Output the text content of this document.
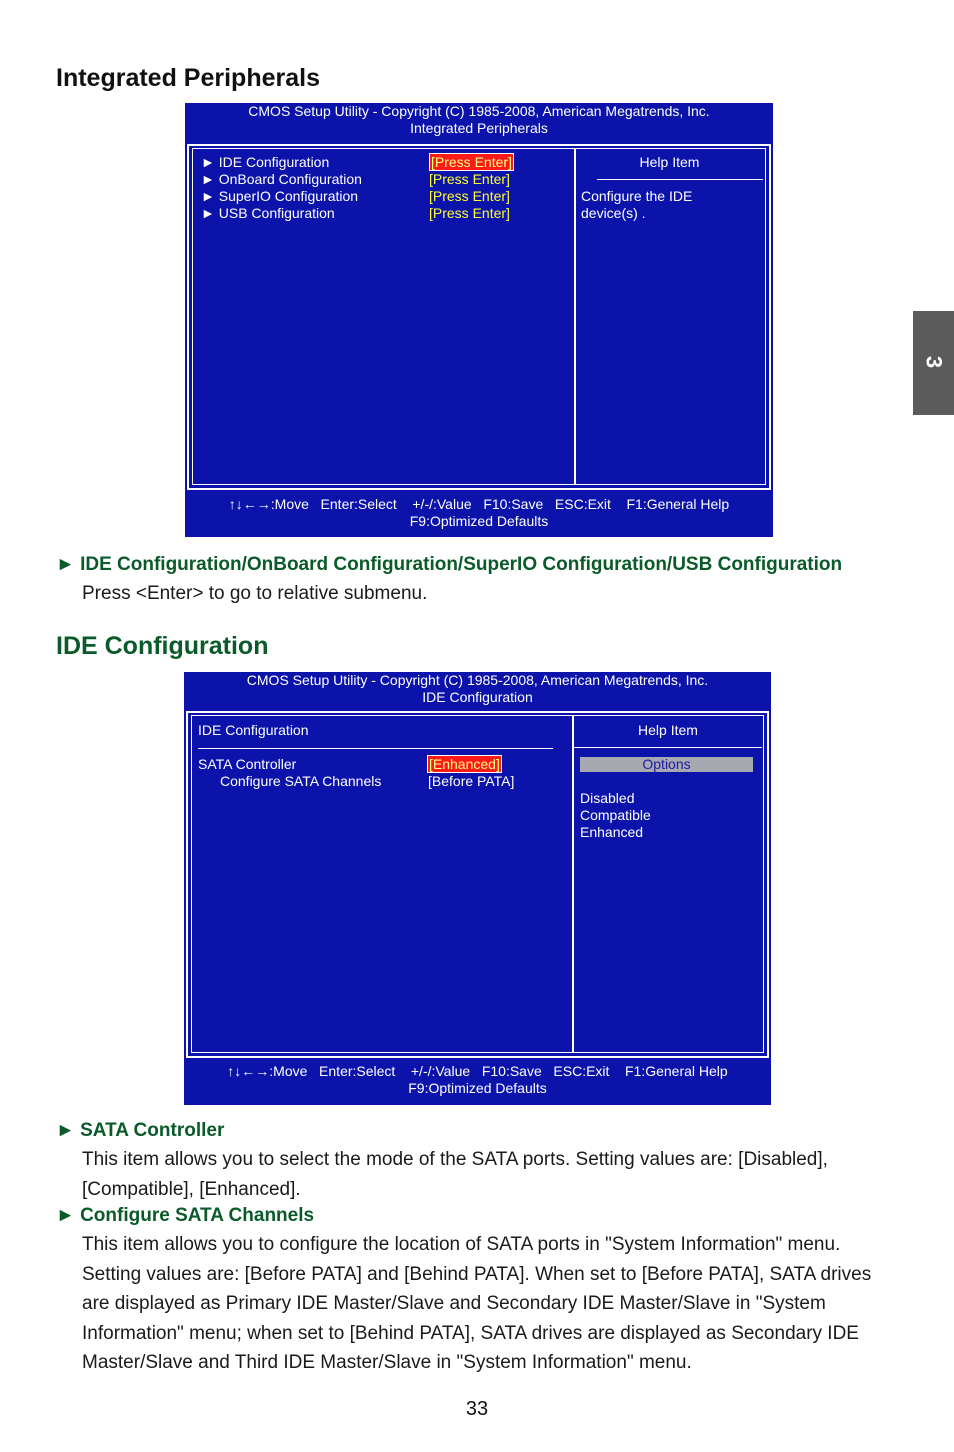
Integrated Peripherals
3
CMOS Setup Utility - Copyright (C) 1985-2008, American Megatrends, Inc.
Integrated Peripherals
► IDE Configuration	[Press Enter]
► OnBoard Configuration	[Press Enter]
► SuperIO Configuration	[Press Enter]
► USB Configuration	[Press Enter]
Help Item
Configure the IDE
device(s) .
↑↓←→:Move   Enter:Select    +/-/:Value   F10:Save   ESC:Exit    F1:General Help
F9:Optimized Defaults
► IDE Configuration/OnBoard Configuration/SuperIO Configuration/USB Configuration
Press <Enter> to go to relative submenu.
IDE Configuration
CMOS Setup Utility - Copyright (C) 1985-2008, American Megatrends, Inc.
IDE Configuration
IDE Configuration
SATA Controller	[Enhanced]
Configure SATA Channels	[Before PATA]
Help Item
Options
Disabled
Compatible
Enhanced
↑↓←→:Move   Enter:Select    +/-/:Value   F10:Save   ESC:Exit    F1:General Help
F9:Optimized Defaults
► SATA Controller
This item allows you to select the mode of the SATA ports. Setting values are: [Disabled], [Compatible], [Enhanced].
► Configure SATA Channels
This item allows you to configure the location of SATA ports in "System Information" menu. Setting values are: [Before PATA] and [Behind PATA]. When set to [Before PATA], SATA drives are displayed as Primary IDE Master/Slave and Secondary IDE Master/Slave in "System Information" menu; when set to [Behind PATA], SATA drives are displayed as Secondary IDE Master/Slave and Third IDE Master/Slave in "System Information" menu.
33
